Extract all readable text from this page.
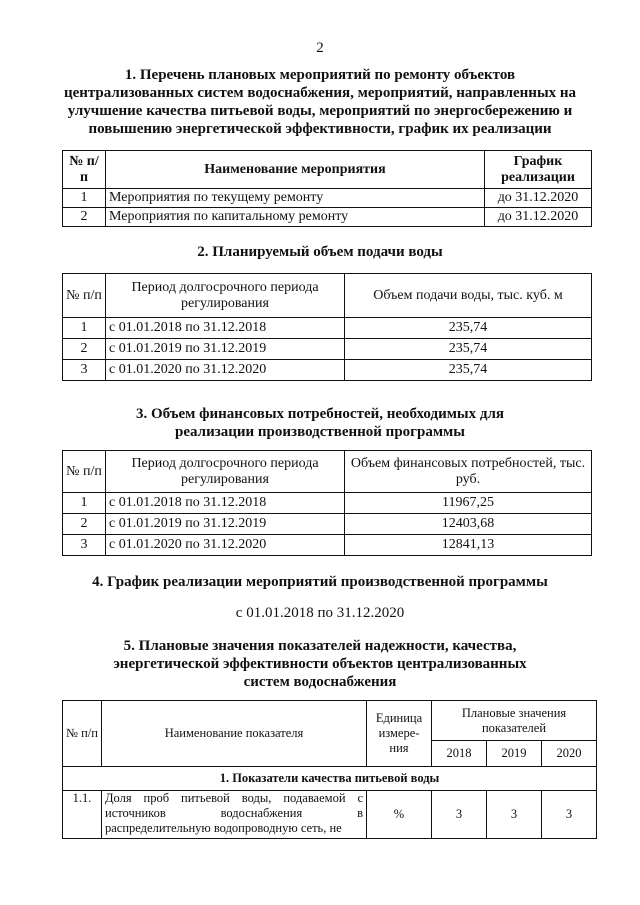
2
1. Перечень плановых мероприятий по ремонту объектов
централизованных систем водоснабжения, мероприятий, направленных на
улучшение качества питьевой воды, мероприятий по энергосбережению и
повышению энергетической эффективности, график их реализации
№ п/п	Наименование мероприятия	График реализации
1	Мероприятия по текущему ремонту	до 31.12.2020
2	Мероприятия по капитальному ремонту	до 31.12.2020
2. Планируемый объем подачи воды
№ п/п	Период долгосрочного периода регулирования	Объем подачи воды, тыс. куб. м
1	с 01.01.2018 по 31.12.2018	235,74
2	с 01.01.2019 по 31.12.2019	235,74
3	с 01.01.2020 по 31.12.2020	235,74
3. Объем финансовых потребностей, необходимых для
реализации производственной программы
№ п/п	Период долгосрочного периода регулирования	Объем финансовых потребностей, тыс. руб.
1	с 01.01.2018 по 31.12.2018	11967,25
2	с 01.01.2019 по 31.12.2019	12403,68
3	с 01.01.2020 по 31.12.2020	12841,13
4. График реализации мероприятий производственной программы
с 01.01.2018 по 31.12.2020
5. Плановые значения показателей надежности, качества,
энергетической эффективности объектов централизованных
систем водоснабжения
№ п/п	Наименование показателя	Единица измере-ния	Плановые значения показателей		
			2018	2019	2020
1. Показатели качества питьевой воды					
1.1.	Доля проб питьевой воды, подаваемой с источников водоснабжения в распределительную водопроводную сеть, не	%	3	3	3
